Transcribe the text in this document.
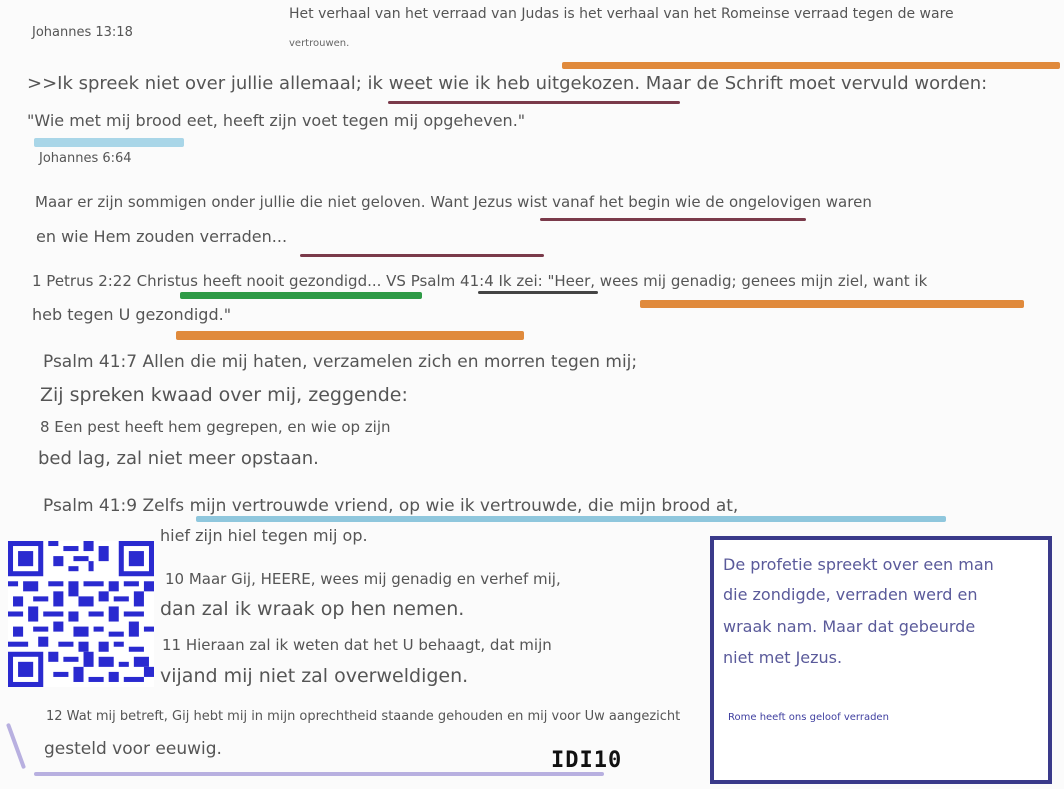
Johannes 13:18
Het verhaal van het verraad van Judas is het verhaal van het Romeinse verraad tegen de ware
vertrouwen.
>>Ik spreek niet over jullie allemaal; ik weet wie ik heb uitgekozen. Maar de Schrift moet vervuld worden:
"Wie met mij brood eet, heeft zijn voet tegen mij opgeheven."
Johannes 6:64
Maar er zijn sommigen onder jullie die niet geloven. Want Jezus wist vanaf het begin wie de ongelovigen waren
en wie Hem zouden verraden...
1 Petrus 2:22 Christus heeft nooit gezondigd... VS Psalm 41:4 Ik zei: "Heer, wees mij genadig; genees mijn ziel, want ik
heb tegen U gezondigd."
Psalm 41:7 Allen die mij haten, verzamelen zich en morren tegen mij;
Zij spreken kwaad over mij, zeggende:
8 Een pest heeft hem gegrepen, en wie op zijn
bed lag, zal niet meer opstaan.
Psalm 41:9 Zelfs mijn vertrouwde vriend, op wie ik vertrouwde, die mijn brood at,
hief zijn hiel tegen mij op.
10 Maar Gij, HEERE, wees mij genadig en verhef mij,
dan zal ik wraak op hen nemen.
11 Hieraan zal ik weten dat het U behaagt, dat mijn
vijand mij niet zal overweldigen.
12 Wat mij betreft, Gij hebt mij in mijn oprechtheid staande gehouden en mij voor Uw aangezicht
gesteld voor eeuwig.
De profetie spreekt over een man
die zondigde, verraden werd en
wraak nam. Maar dat gebeurde
niet met Jezus.
Rome heeft ons geloof verraden
IDI10
